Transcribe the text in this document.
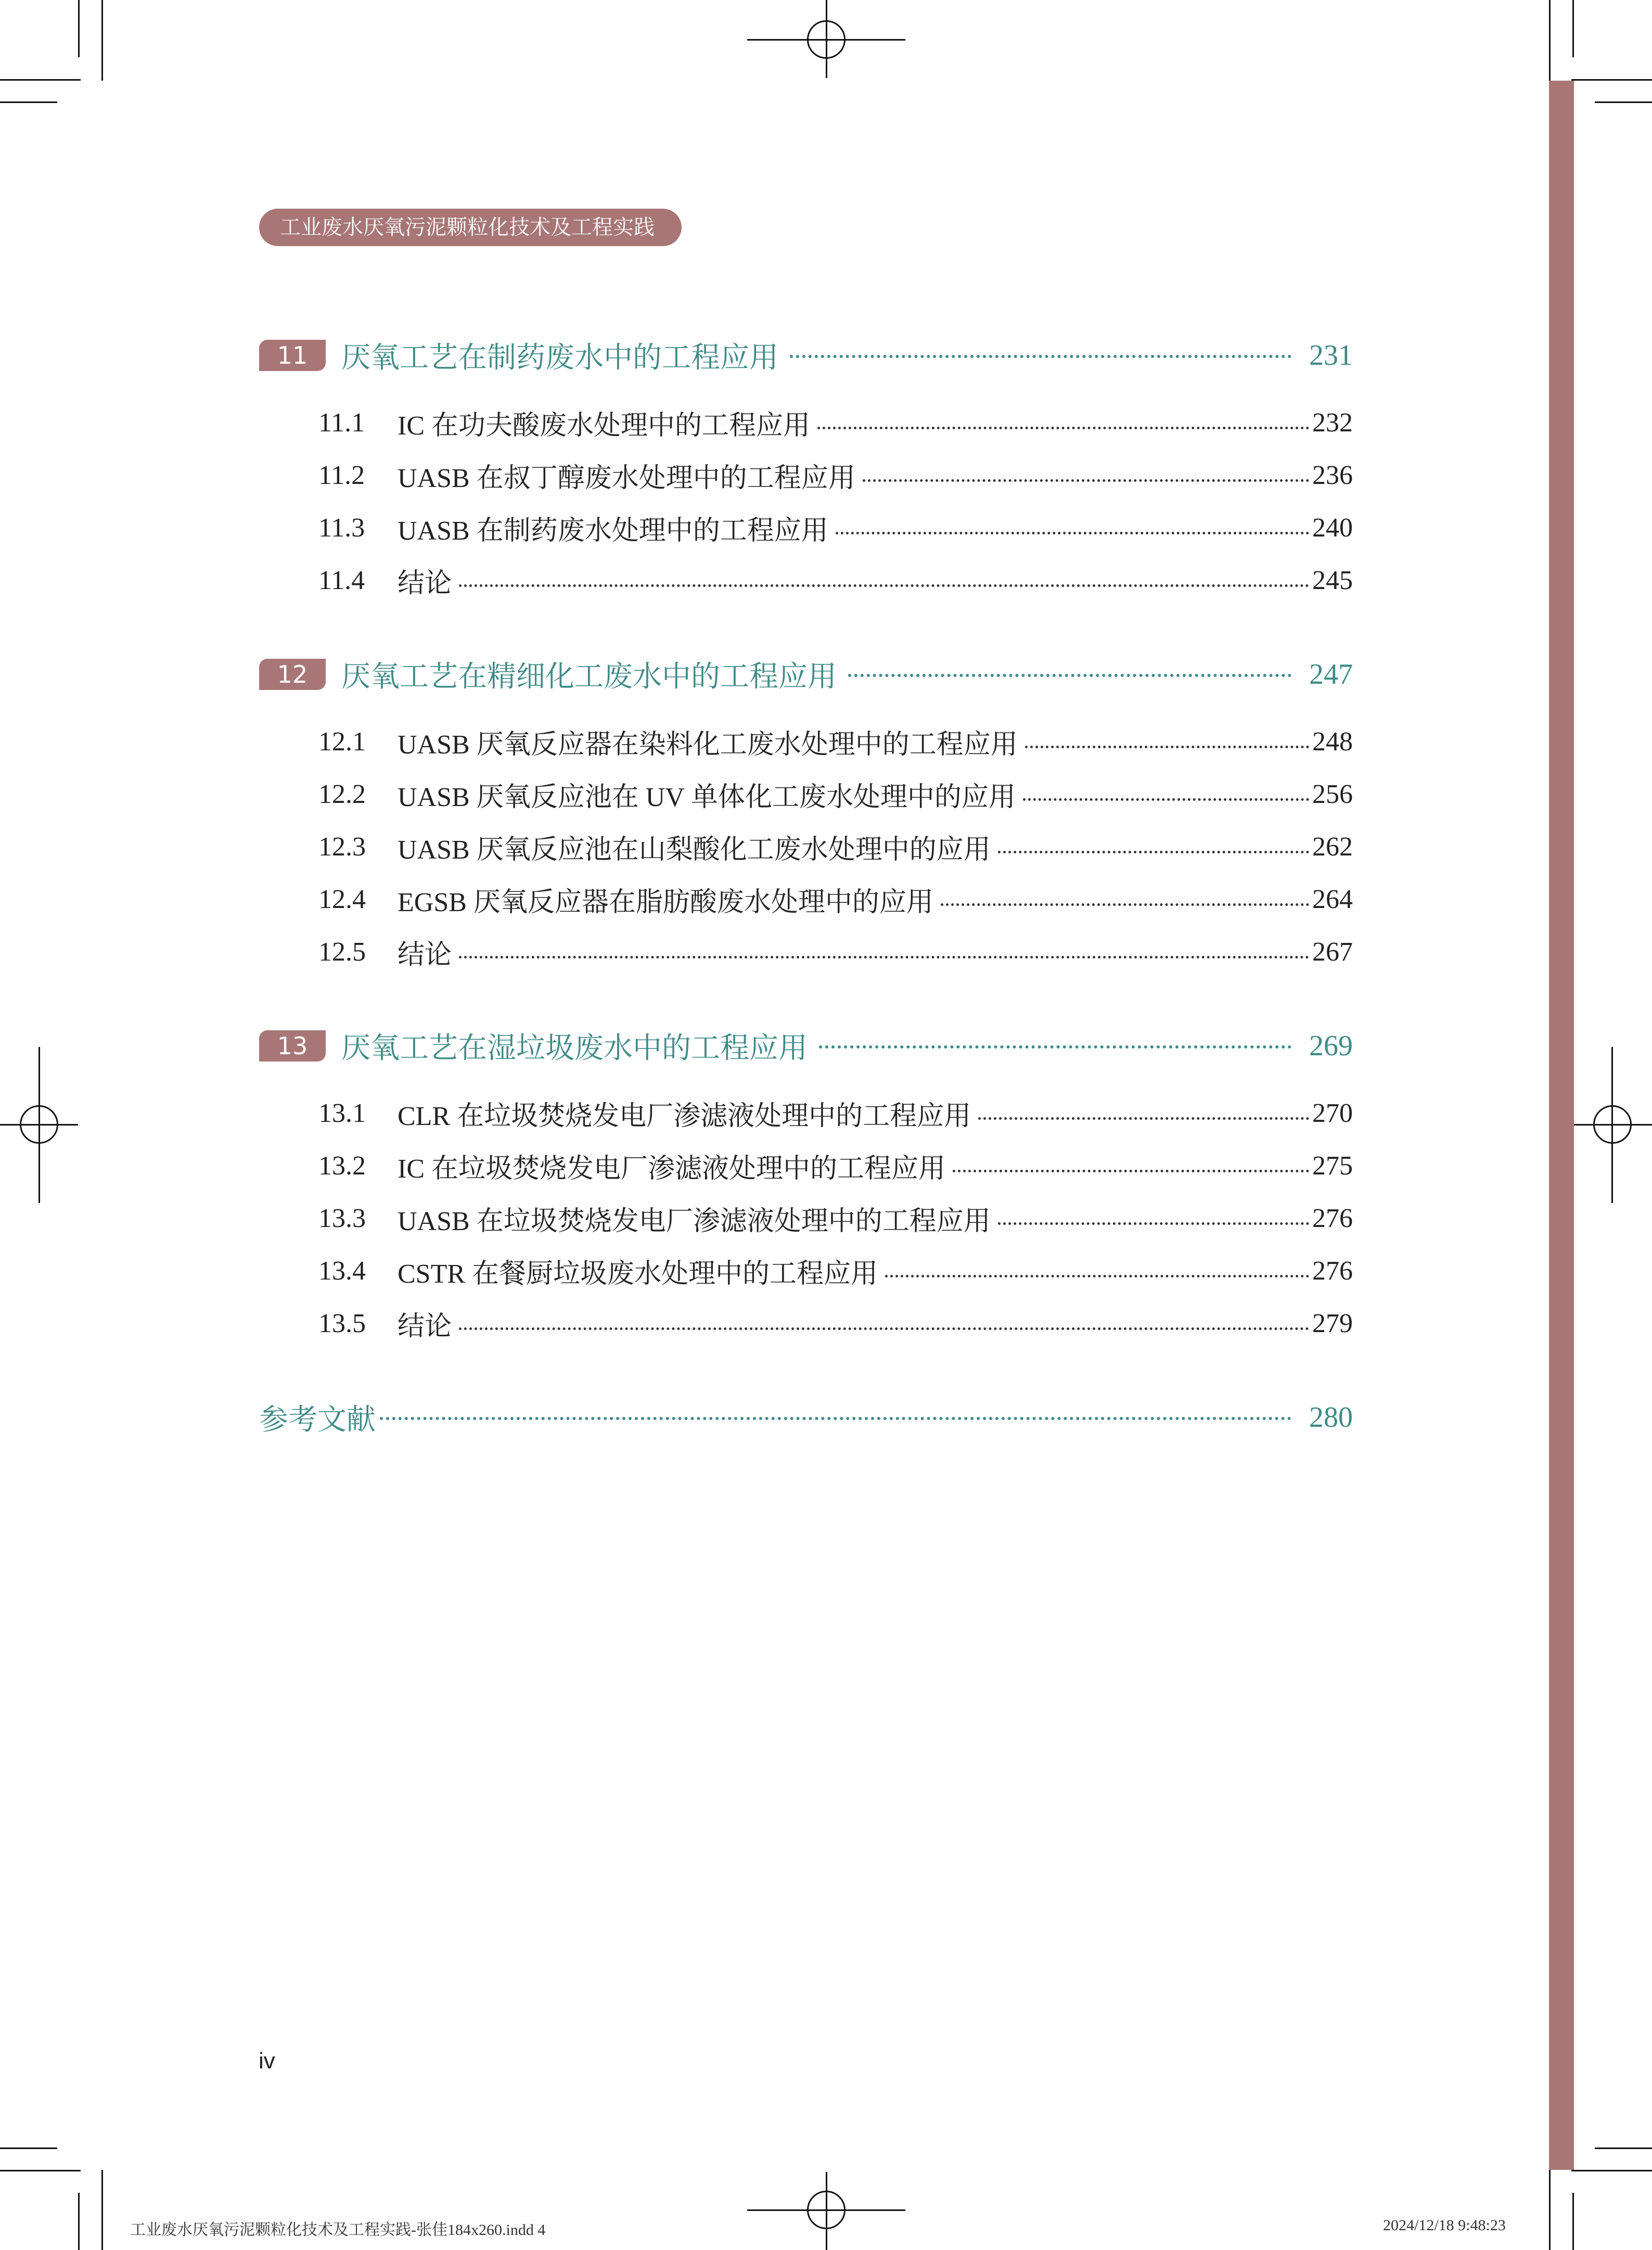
工业废水厌氧污泥颗粒化技术及工程实践
11	厌氧工艺在制药废水中的工程应用	231
11.1	IC 在功夫酸废水处理中的工程应用	232
11.2	UASB 在叔丁醇废水处理中的工程应用	236
11.3	UASB 在制药废水处理中的工程应用	240
11.4	结论	245
12	厌氧工艺在精细化工废水中的工程应用	247
12.1	UASB 厌氧反应器在染料化工废水处理中的工程应用	248
12.2	UASB 厌氧反应池在 UV 单体化工废水处理中的应用	256
12.3	UASB 厌氧反应池在山梨酸化工废水处理中的应用	262
12.4	EGSB 厌氧反应器在脂肪酸废水处理中的应用	264
12.5	结论	267
13	厌氧工艺在湿垃圾废水中的工程应用	269
13.1	CLR 在垃圾焚烧发电厂渗滤液处理中的工程应用	270
13.2	IC 在垃圾焚烧发电厂渗滤液处理中的工程应用	275
13.3	UASB 在垃圾焚烧发电厂渗滤液处理中的工程应用	276
13.4	CSTR 在餐厨垃圾废水处理中的工程应用	276
13.5	结论	279
参考文献	280
iv
工业废水厌氧污泥颗粒化技术及工程实践-张佳184x260.indd 4	2024/12/18 9:48:23
